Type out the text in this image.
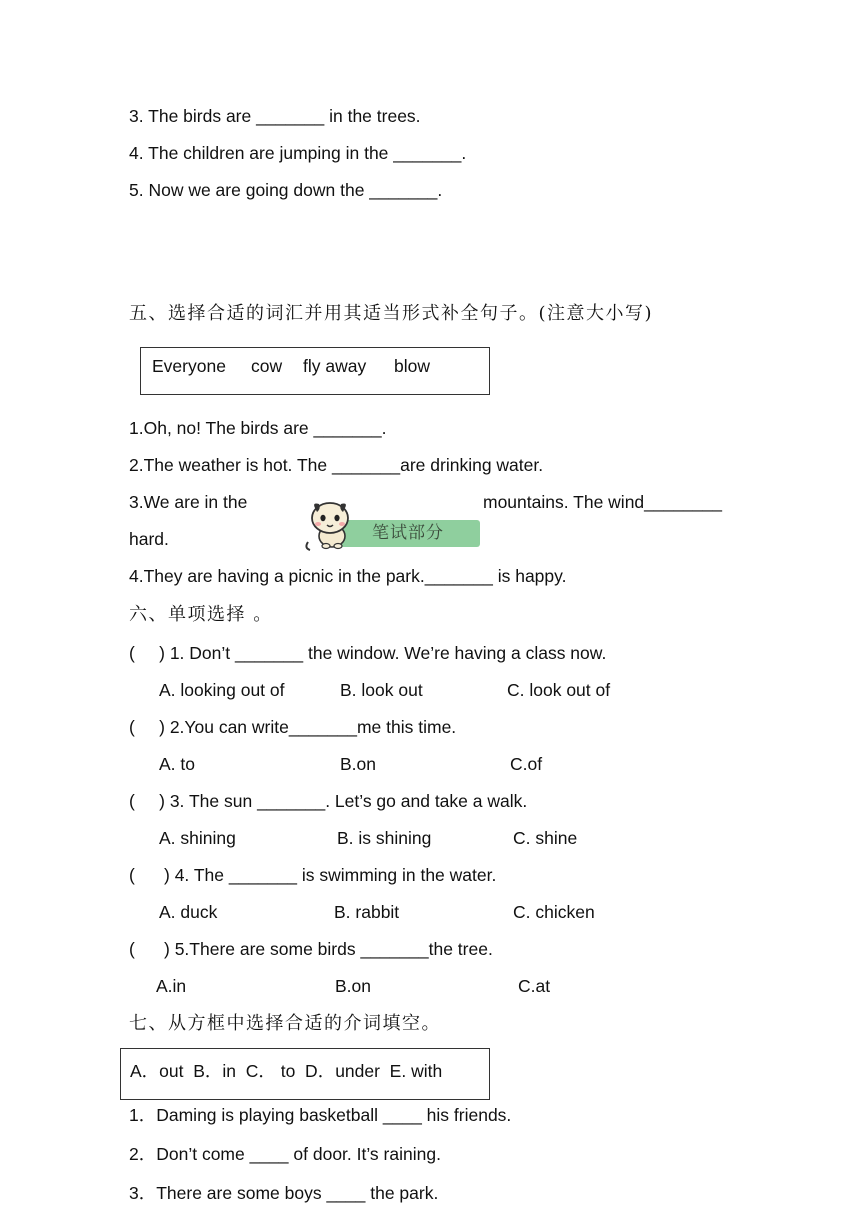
3. The birds are _______ in the trees.
4. The children are jumping in the _______.
5. Now we are going down the _______.
五、选择合适的词汇并用其适当形式补全句子。(注意大小写)
Everyone cow fly away blow
1.Oh, no! The birds are _______.
2.The weather is hot. The _______are drinking water.
3.We are in the	mountains. The wind________
hard.
4.They are having a picnic in the park._______ is happy.
笔试部分
六、单项选择 。
(     ) 1. Don’t _______ the window. We’re having a class now.
A. looking out of	B. look out	C. look out of
(     ) 2.You can write_______me this time.
A. to	B.on	C.of
(     ) 3. The sun _______. Let’s go and take a walk.
A. shining	B. is shining	C. shine
(      ) 4. The _______ is swimming in the water.
A. duck	B. rabbit	C. chicken
(      ) 5.There are some birds _______the tree.
A.in	B.on	C.at
七、从方框中选择合适的介词填空。
A．out  B．in  C． to  D．under  E. with
1．Daming is playing basketball ____ his friends.
2．Don’t come ____ of door. It’s raining.
3．There are some boys ____ the park.
